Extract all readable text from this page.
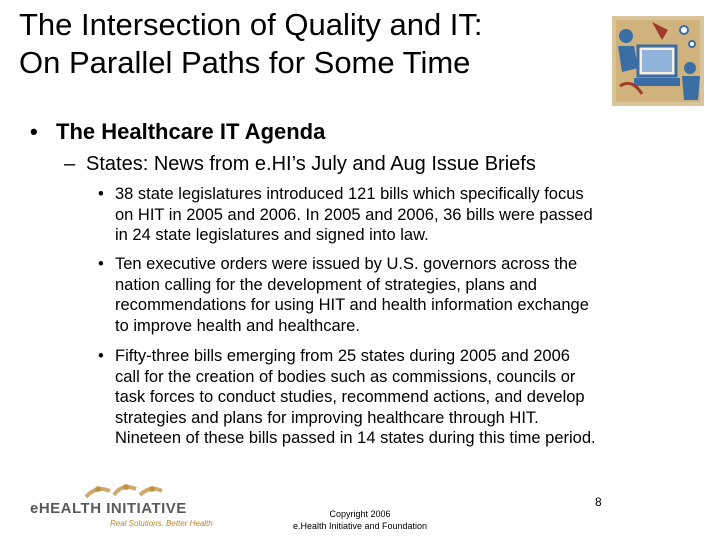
The Intersection of Quality and IT:
On Parallel Paths for Some Time
• The Healthcare IT Agenda
– States: News from e.HI’s July and Aug Issue Briefs
• 38 state legislatures introduced 121 bills which specifically focus
on HIT in 2005 and 2006. In 2005 and 2006, 36 bills were passed
in 24 state legislatures and signed into law.
• Ten executive orders were issued by U.S. governors across the
nation calling for the development of strategies, plans and
recommendations for using HIT and health information exchange
to improve health and healthcare.
• Fifty-three bills emerging from 25 states during 2005 and 2006
call for the creation of bodies such as commissions, councils or
task forces to conduct studies, recommend actions, and develop
strategies and plans for improving healthcare through HIT.
Nineteen of these bills passed in 14 states during this time period.
eHEALTH INITIATIVE
Real Solutions. Better Health
Copyright 2006
e.Health Initiative and Foundation
8
